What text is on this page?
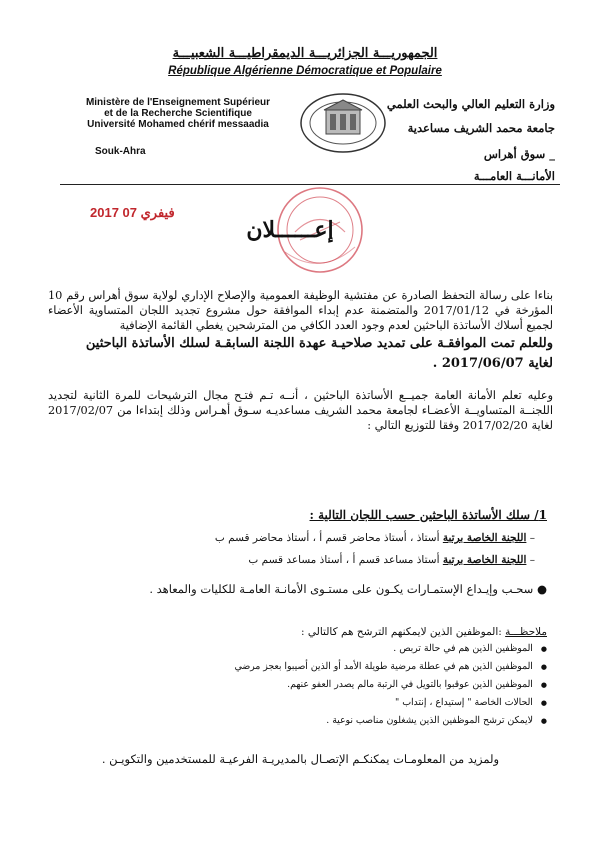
الجمهوريـــة الجزائريـــة الديمقراطيـــة الشعبيـــة
République Algérienne Démocratique et Populaire
Ministère de l'Enseignement Supérieur
et de la Recherche Scientifique
Université Mohamed chérif messaadia
Souk-Ahra
وزارة التعليم العالي والبحث العلمي
جامعة محمد الشريف مساعدية
_ سوق أهراس
الأمانـــة العامـــة
2017 فيفري 07
إعــــــلان
بناءا على رسالة التحفظ الصادرة عن مفتشية الوظيفة العمومية والإصلاح الإداري لولاية سوق أهراس رقم 10 المؤرخة في 2017/01/12 والمتضمنة عدم إبداء الموافقة حول مشروع تجديد اللجان المتساوية الأعضاء لجميع أسلاك الأساتذة الباحثين لعدم وجود العدد الكافي من المترشحين يغطي القائمة الإضافية
وللعلم تمت الموافقـة على تمديد صلاحيـة عهدة اللجنة السابقـة لسلك الأساتذة الباحثين
لغاية 2017/06/07 .
وعليه تعلم الأمانة العامة جميــع الأساتذة الباحثين ، أنــه تـم فتـح مجال الترشيحات للمرة الثانية لتجديد اللجنــة المتساويــة الأعضـاء لجامعة محمد الشريف مساعديـه سـوق أهـراس وذلك إبتداءا من 2017/02/07 لغاية 2017/02/20 وفقا للتوزيع التالي :
1/ سلك الأساتذة الباحثين حسب اللجان التالية :
– اللجنة الخاصة برتبة أستاذ ، أستاذ محاضر قسم أ ، أستاذ محاضر قسم ب
– اللجنة الخاصة برتبة أستاذ مساعد قسم أ ، أستاذ مساعد قسم ب
● سحـب وإيـداع الإستمـارات يكـون على مستـوى الأمانـة العامـة للكليات والمعاهد .
ملاحظـــة :الموظفين الذين لايمكنهم الترشح هم كالتالي :
● الموظفين الذين هم في حالة تربص .
● الموظفين الذين هم في عطلة مرضية طويلة الأمد أو الذين أصيبوا بعجز مرضي
● الموظفين الذين عوقبوا بالتويل في الرتبة مالم يصدر العفو عنهم.
● الحالات الخاصة " إستيداع ، إنتداب "
● لايمكن ترشح الموظفين الذين يشغلون مناصب نوعية .
ولمزيد من المعلومـات يمكنكـم الإتصـال بالمديريـة الفرعيـة للمستخدمين والتكويـن .
